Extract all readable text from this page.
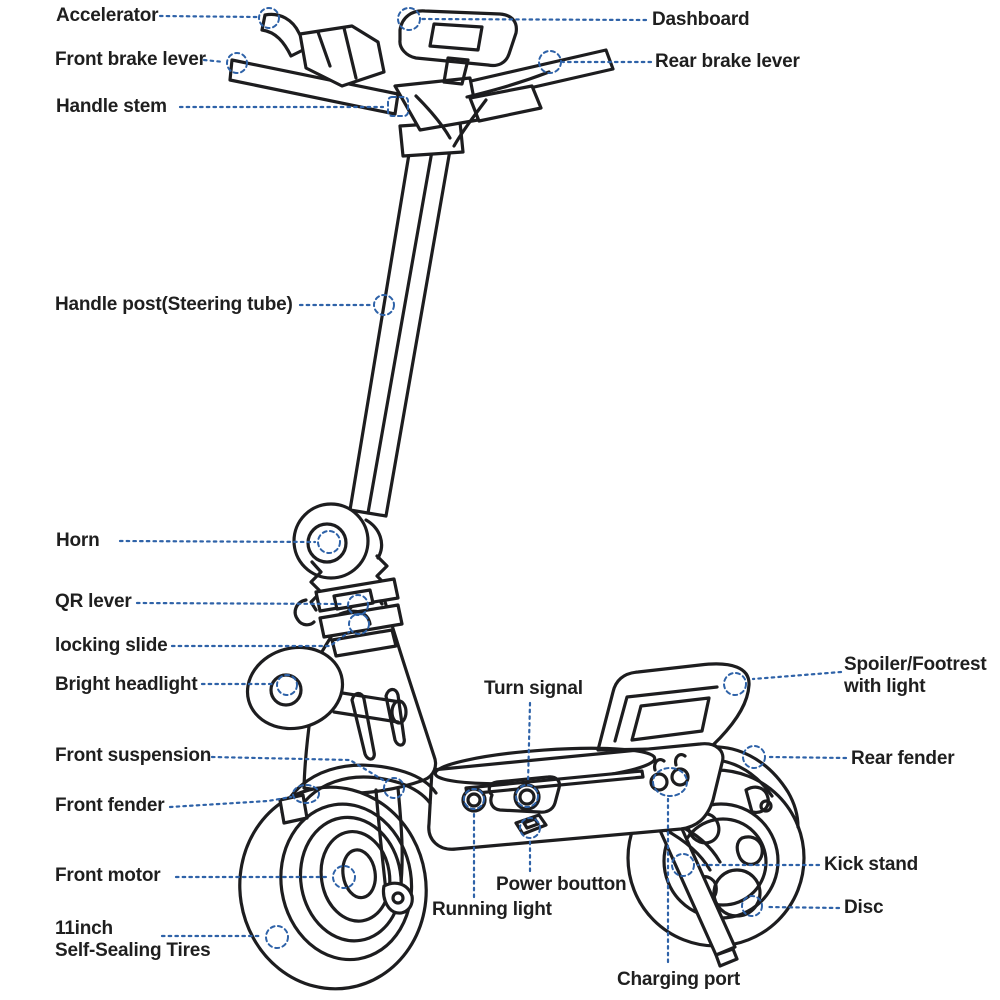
Accelerator
Front brake lever
Handle stem
Handle post(Steering tube)
Horn
QR lever
locking slide
Bright headlight
Front suspension
Front fender
Front motor
11inch
Self-Sealing Tires
Turn signal
Power boutton
Running light
Charging port
Dashboard
Rear brake lever
Spoiler/Footrest
with light
Rear fender
Kick stand
Disc
